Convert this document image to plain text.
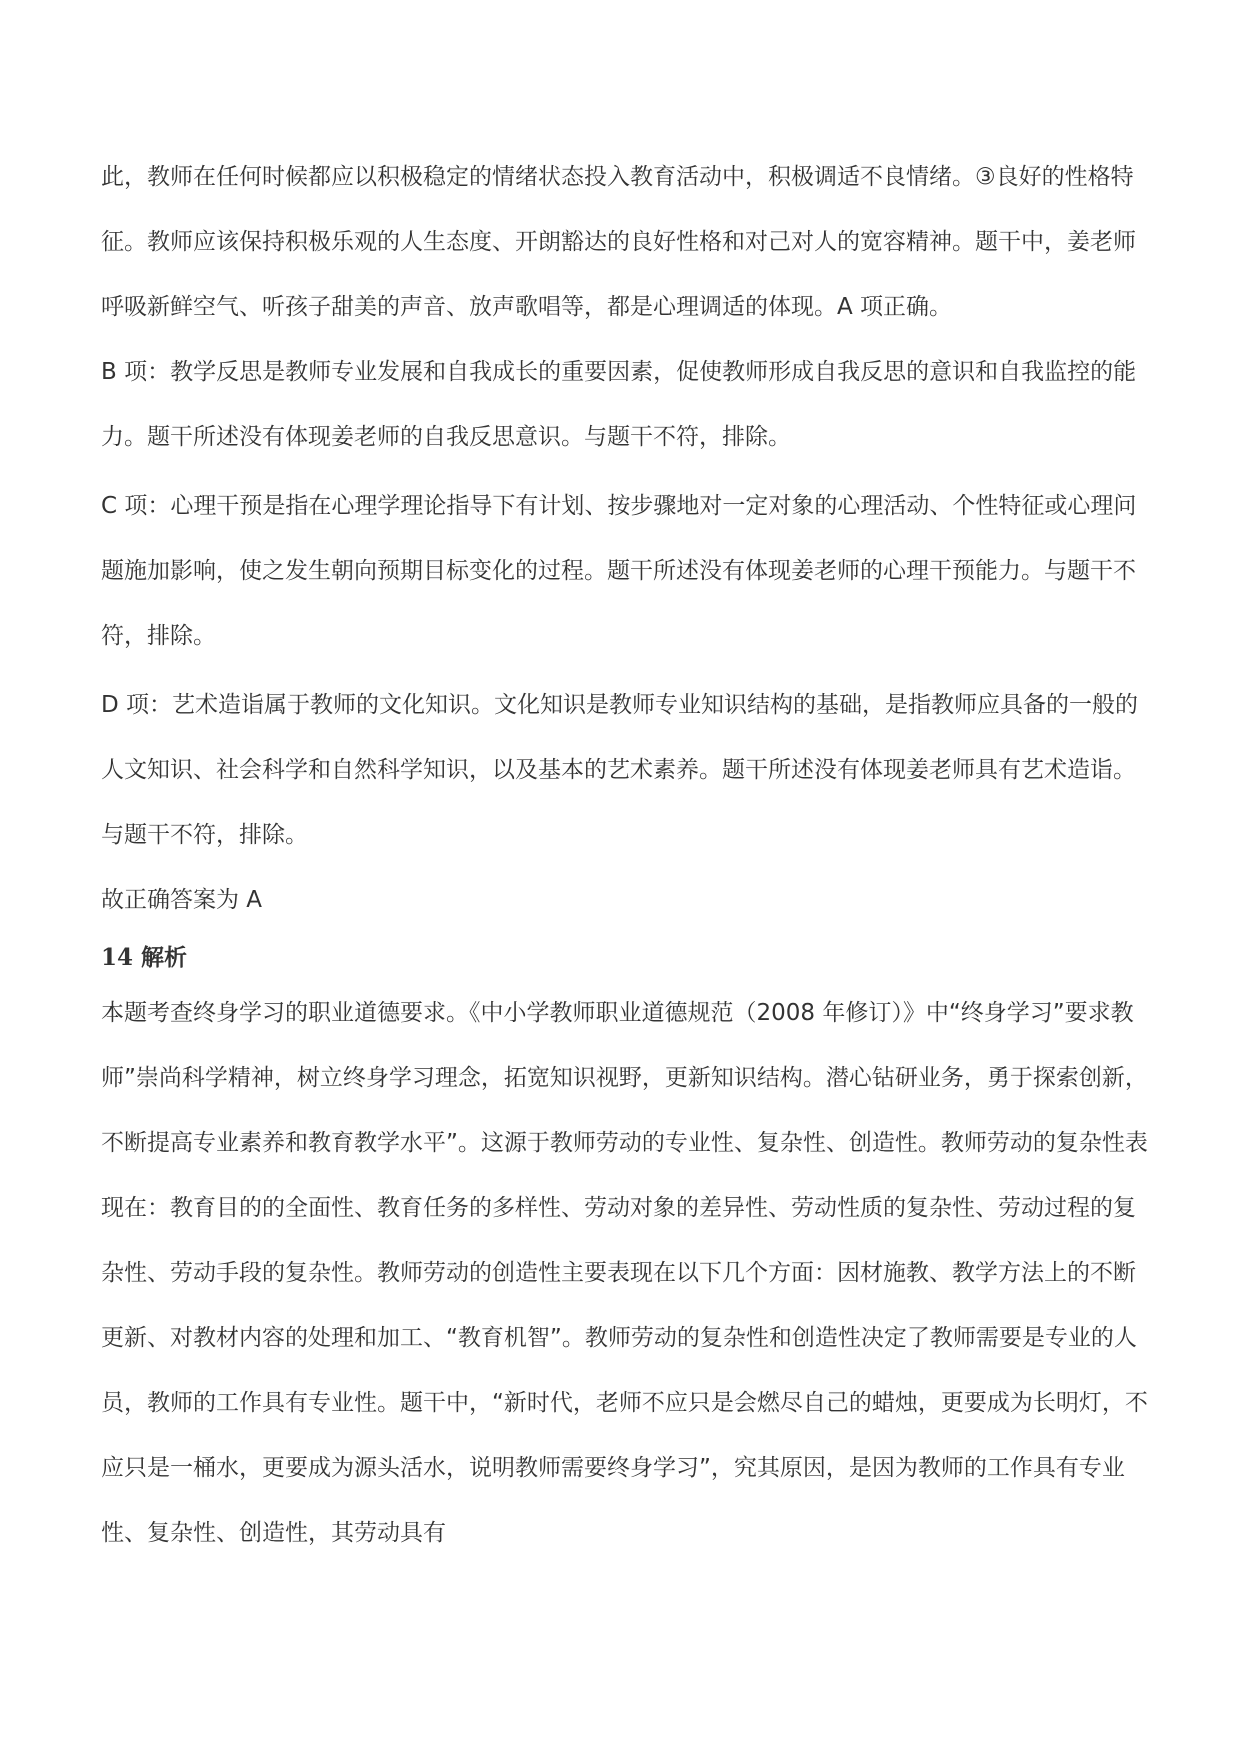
此，教师在任何时候都应以积极稳定的情绪状态投入教育活动中，积极调适不良情绪。③良好的性格特征。教师应该保持积极乐观的人生态度、开朗豁达的良好性格和对己对人的宽容精神。题干中，姜老师呼吸新鲜空气、听孩子甜美的声音、放声歌唱等，都是心理调适的体现。A 项正确。

B 项：教学反思是教师专业发展和自我成长的重要因素，促使教师形成自我反思的意识和自我监控的能力。题干所述没有体现姜老师的自我反思意识。与题干不符，排除。

C 项：心理干预是指在心理学理论指导下有计划、按步骤地对一定对象的心理活动、个性特征或心理问题施加影响，使之发生朝向预期目标变化的过程。题干所述没有体现姜老师的心理干预能力。与题干不符，排除。

D 项：艺术造诣属于教师的文化知识。文化知识是教师专业知识结构的基础，是指教师应具备的一般的人文知识、社会科学和自然科学知识，以及基本的艺术素养。题干所述没有体现姜老师具有艺术造诣。与题干不符，排除。

故正确答案为 A

14 解析

本题考查终身学习的职业道德要求。《中小学教师职业道德规范（2008 年修订）》中“终身学习”要求教师”崇尚科学精神，树立终身学习理念，拓宽知识视野，更新知识结构。潜心钻研业务，勇于探索创新，不断提高专业素养和教育教学水平”。这源于教师劳动的专业性、复杂性、创造性。教师劳动的复杂性表现在：教育目的的全面性、教育任务的多样性、劳动对象的差异性、劳动性质的复杂性、劳动过程的复杂性、劳动手段的复杂性。教师劳动的创造性主要表现在以下几个方面：因材施教、教学方法上的不断更新、对教材内容的处理和加工、“教育机智”。教师劳动的复杂性和创造性决定了教师需要是专业的人员，教师的工作具有专业性。题干中，“新时代，老师不应只是会燃尽自己的蜡烛，更要成为长明灯，不应只是一桶水，更要成为源头活水，说明教师需要终身学习”，究其原因，是因为教师的工作具有专业性、复杂性、创造性，其劳动具有
